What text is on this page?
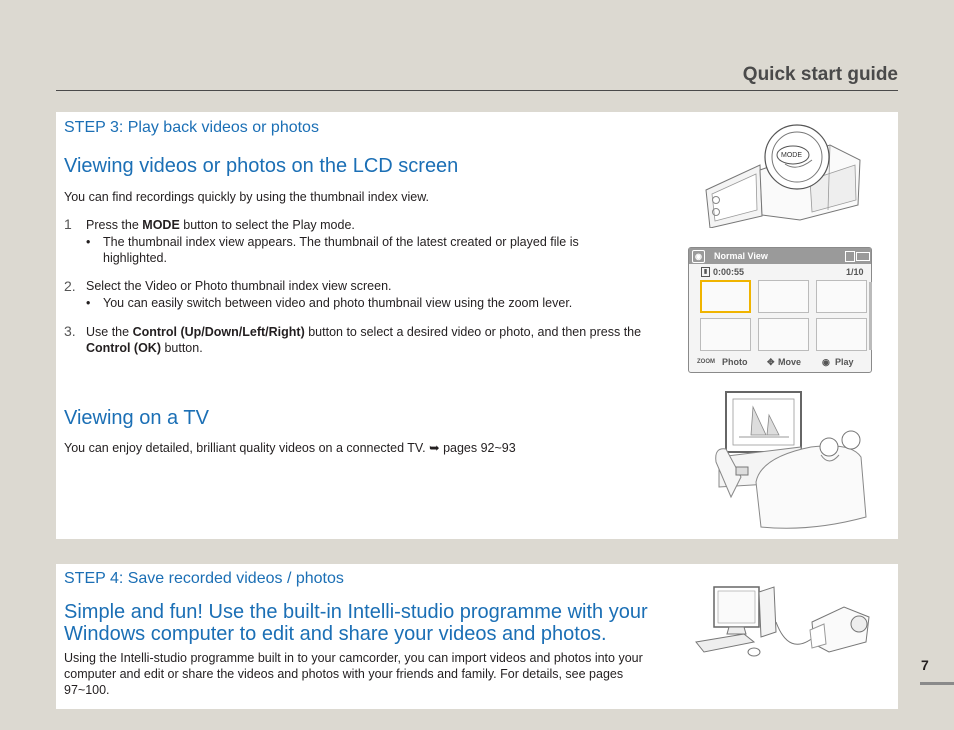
Quick start guide
STEP 3: Play back videos or photos
Viewing videos or photos on the LCD screen
You can find recordings quickly by using the thumbnail index view.
1 Press the MODE button to select the Play mode.
• The thumbnail index view appears. The thumbnail of the latest created or played file is highlighted.
2. Select the Video or Photo thumbnail index view screen.
• You can easily switch between video and photo thumbnail view using the zoom lever.
3. Use the Control (Up/Down/Left/Right) button to select a desired video or photo, and then press the Control (OK) button.
Viewing on a TV
You can enjoy detailed, brilliant quality videos on a connected TV. ➥ pages 92~93
MODE
◉	Normal View
▮ 0:00:55	1/10
ZOOM Photo ✥ Move ◉ Play
STEP 4: Save recorded videos / photos
Simple and fun! Use the built-in Intelli-studio programme with your
Windows computer to edit and share your videos and photos.
Using the Intelli-studio programme built in to your camcorder, you can import videos and photos into your computer and edit or share the videos and photos with your friends and family. For details, see pages 97~100.
7
